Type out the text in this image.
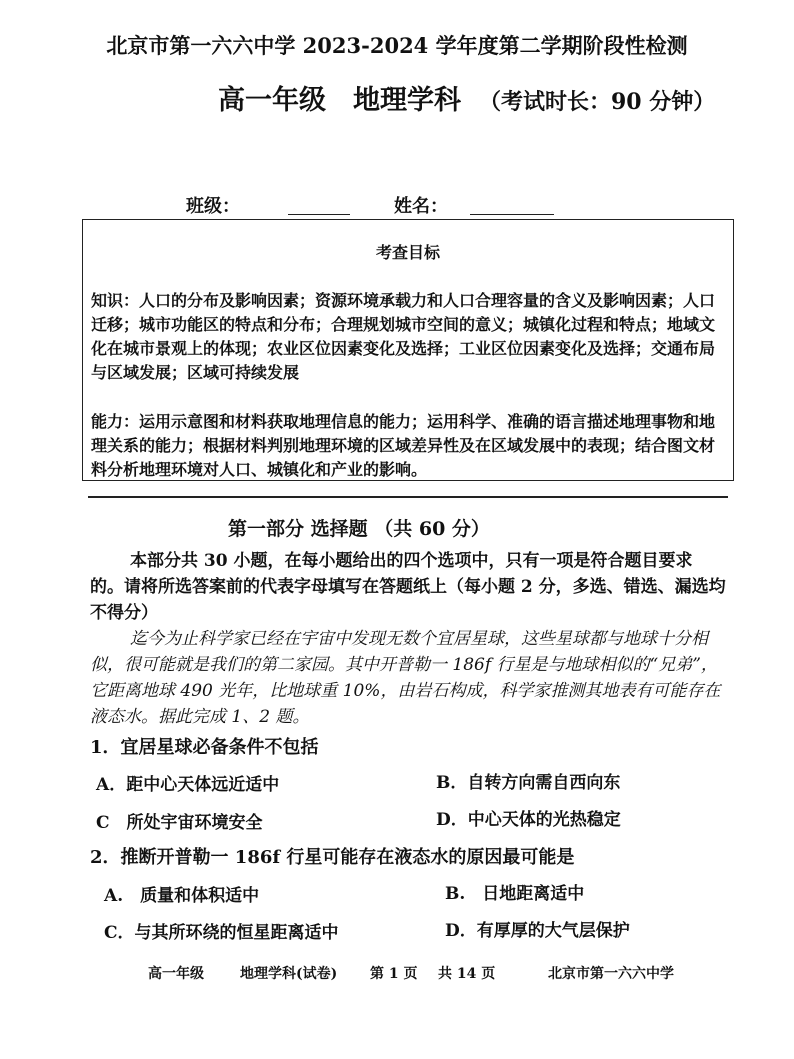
北京市第一六六中学 2023-2024 学年度第二学期阶段性检测
高一年级　地理学科 （考试时长：90 分钟）
班级：	姓名：
考查目标
知识：人口的分布及影响因素；资源环境承载力和人口合理容量的含义及影响因素；人口迁移；城市功能区的特点和分布；合理规划城市空间的意义；城镇化过程和特点；地域文化在城市景观上的体现；农业区位因素变化及选择；工业区位因素变化及选择；交通布局与区域发展；区域可持续发展
能力：运用示意图和材料获取地理信息的能力；运用科学、准确的语言描述地理事物和地理关系的能力；根据材料判别地理环境的区域差异性及在区域发展中的表现；结合图文材料分析地理环境对人口、城镇化和产业的影响。
第一部分 选择题 （共 60 分）
本部分共 30 小题，在每小题给出的四个选项中，只有一项是符合题目要求的。请将所选答案前的代表字母填写在答题纸上（每小题 2 分，多选、错选、漏选均不得分）
迄今为止科学家已经在宇宙中发现无数个宜居星球，这些星球都与地球十分相似，很可能就是我们的第二家园。其中开普勒一 186f 行星是与地球相似的“兄弟”，它距离地球 490 光年，比地球重 10%，由岩石构成，科学家推测其地表有可能存在液态水。据此完成 1、2 题。
1．宜居星球必备条件不包括
A．距中心天体远近适中	B．自转方向需自西向东
C　所处宇宙环境安全	D．中心天体的光热稳定
2．推断开普勒一 186f 行星可能存在液态水的原因最可能是
A.　质量和体积适中	B.　日地距离适中
C．与其所环绕的恒星距离适中	D．有厚厚的大气层保护
高一年级	地理学科(试卷) 第 1 页 共 14 页	北京市第一六六中学
